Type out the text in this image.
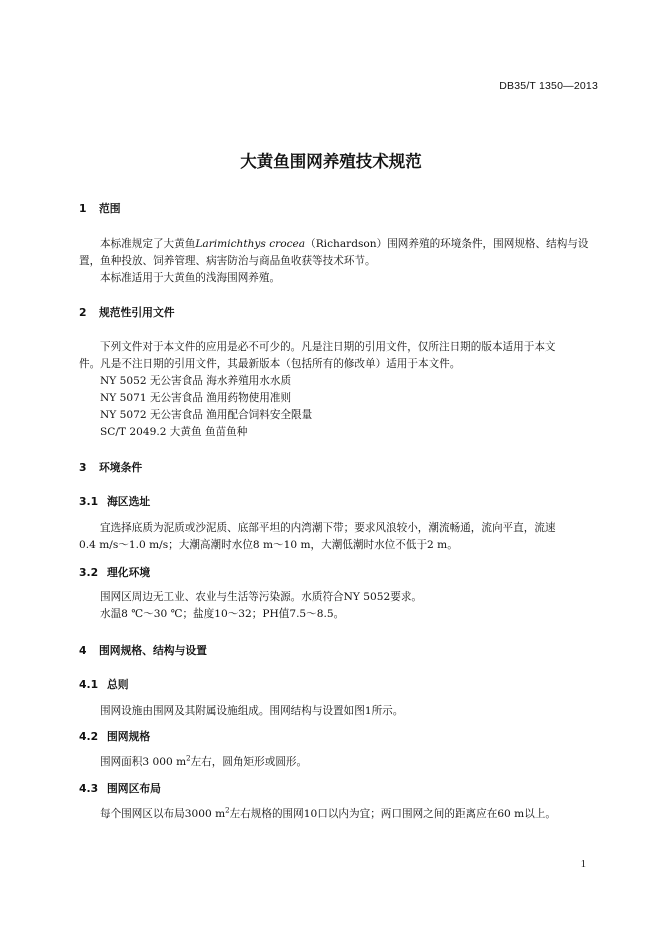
DB35/T 1350—2013
大黄鱼围网养殖技术规范
1 范围
本标准规定了大黄鱼Larimichthys crocea（Richardson）围网养殖的环境条件，围网规格、结构与设
置，鱼种投放、饲养管理、病害防治与商品鱼收获等技术环节。
本标准适用于大黄鱼的浅海围网养殖。
2 规范性引用文件
下列文件对于本文件的应用是必不可少的。凡是注日期的引用文件，仅所注日期的版本适用于本文
件。凡是不注日期的引用文件，其最新版本（包括所有的修改单）适用于本文件。
NY 5052 无公害食品 海水养殖用水水质
NY 5071 无公害食品 渔用药物使用准则
NY 5072 无公害食品 渔用配合饲料安全限量
SC/T 2049.2 大黄鱼 鱼苗鱼种
3 环境条件
3.1 海区选址
宜选择底质为泥质或沙泥质、底部平坦的内湾潮下带；要求风浪较小，潮流畅通，流向平直，流速
0.4 m/s～1.0 m/s；大潮高潮时水位8 m～10 m，大潮低潮时水位不低于2 m。
3.2 理化环境
围网区周边无工业、农业与生活等污染源。水质符合NY 5052要求。
水温8 ℃～30 ℃；盐度10～32；PH值7.5～8.5。
4 围网规格、结构与设置
4.1 总则
围网设施由围网及其附属设施组成。围网结构与设置如图1所示。
4.2 围网规格
围网面积3 000 $m^2$左右，圆角矩形或圆形。
4.3 围网区布局
每个围网区以布局3000 $m^2$左右规格的围网10口以内为宜；两口围网之间的距离应在60 m以上。
1
